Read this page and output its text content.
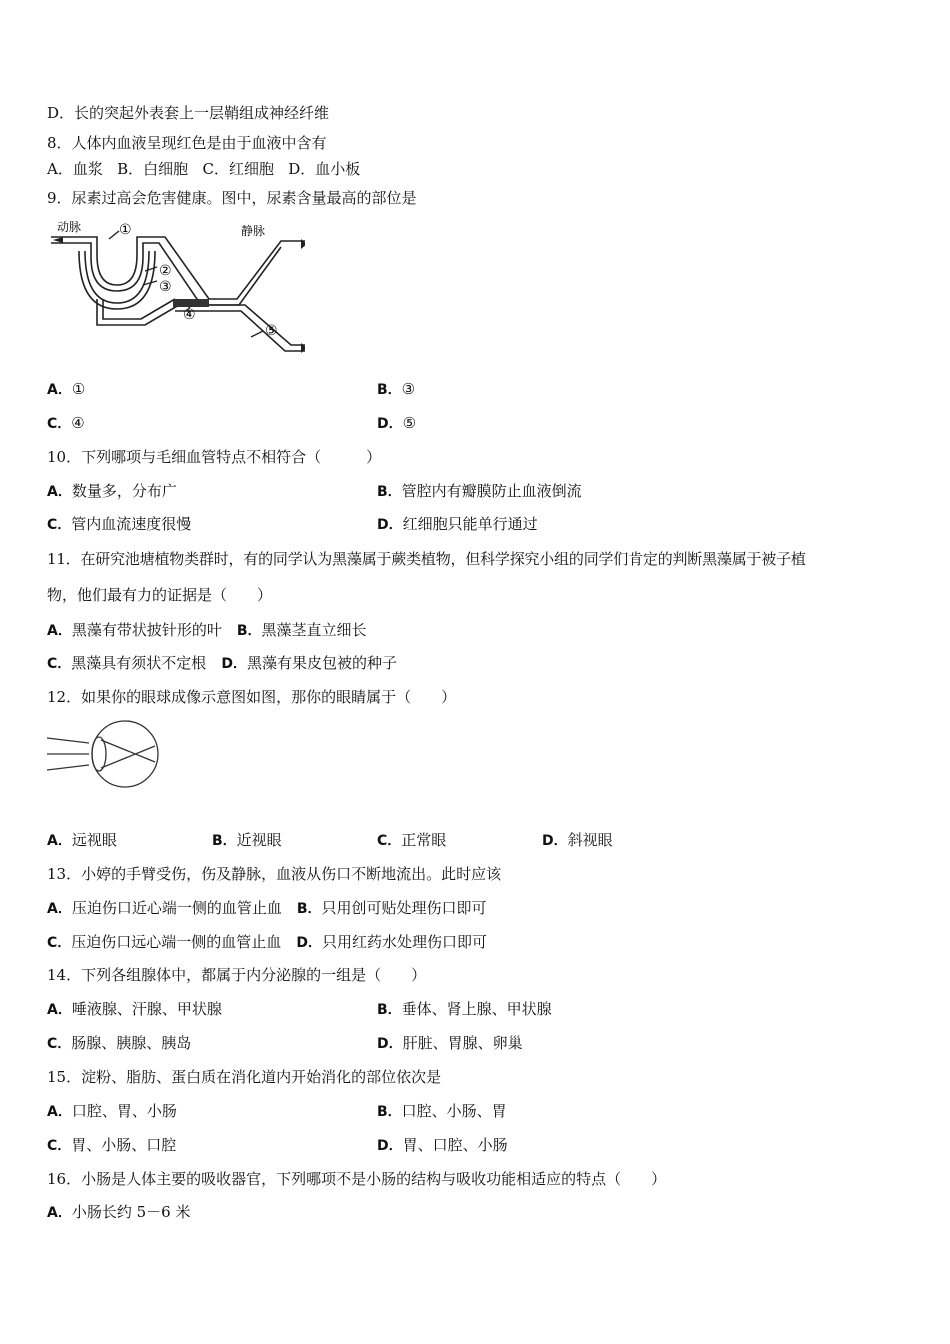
D．长的突起外表套上一层鞘组成神经纤维
8．人体内血液呈现红色是由于血液中含有
A．血浆   B．白细胞   C．红细胞   D．血小板
9．尿素过高会危害健康。图中，尿素含量最高的部位是
动脉	静脉
①
②
③
④
⑤
A．①	B．③
C．④	D．⑤
10．下列哪项与毛细血管特点不相符合（　　　）
A．数量多，分布广	B．管腔内有瓣膜防止血液倒流
C．管内血流速度很慢	D．红细胞只能单行通过
11．在研究池塘植物类群时，有的同学认为黑藻属于蕨类植物，但科学探究小组的同学们肯定的判断黑藻属于被子植
物，他们最有力的证据是（　　）
A．黑藻有带状披针形的叶　 B．黑藻茎直立细长
C．黑藻具有须状不定根　 D．黑藻有果皮包被的种子
12．如果你的眼球成像示意图如图，那你的眼睛属于（　　）
A．远视眼	B．近视眼	C．正常眼	D．斜视眼
13．小婷的手臂受伤，伤及静脉，血液从伤口不断地流出。此时应该
A．压迫伤口近心端一侧的血管止血　 B．只用创可贴处理伤口即可
C．压迫伤口远心端一侧的血管止血　 D．只用红药水处理伤口即可
14．下列各组腺体中，都属于内分泌腺的一组是（　　）
A．唾液腺、汗腺、甲状腺	B．垂体、肾上腺、甲状腺
C．肠腺、胰腺、胰岛	D．肝脏、胃腺、卵巢
15．淀粉、脂肪、蛋白质在消化道内开始消化的部位依次是
A．口腔、胃、小肠	B．口腔、小肠、胃
C．胃、小肠、口腔	D．胃、口腔、小肠
16．小肠是人体主要的吸收器官，下列哪项不是小肠的结构与吸收功能相适应的特点（　　）
A．小肠长约 5－6 米
